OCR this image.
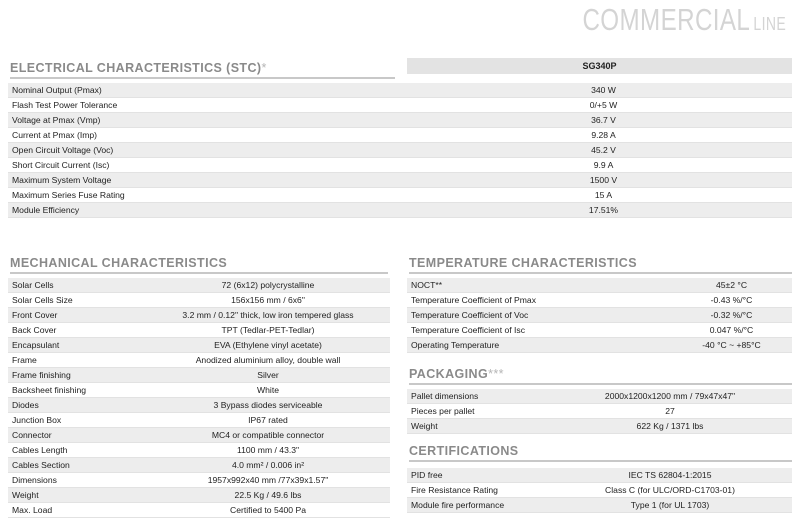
COMMERCIAL LINE
ELECTRICAL CHARACTERISTICS (STC)*	SG340P
Nominal Output (Pmax)	340 W
Flash Test Power Tolerance	0/+5 W
Voltage at Pmax (Vmp)	36.7 V
Current at Pmax (Imp)	9.28 A
Open Circuit Voltage (Voc)	45.2 V
Short Circuit Current (Isc)	9.9 A
Maximum System Voltage	1500 V
Maximum Series Fuse Rating	15 A
Module Efficiency	17.51%
MECHANICAL CHARACTERISTICS
Solar Cells	72 (6x12) polycrystalline
Solar Cells Size	156x156 mm / 6x6"
Front Cover	3.2 mm / 0.12" thick, low iron tempered glass
Back Cover	TPT (Tedlar-PET-Tedlar)
Encapsulant	EVA (Ethylene vinyl acetate)
Frame	Anodized aluminium alloy, double wall
Frame finishing	Silver
Backsheet finishing	White
Diodes	3 Bypass diodes serviceable
Junction Box	IP67 rated
Connector	MC4 or compatible connector
Cables Length	1100 mm / 43.3"
Cables Section	4.0 mm² / 0.006 in²
Dimensions	1957x992x40 mm /77x39x1.57"
Weight	22.5 Kg / 49.6 lbs
Max. Load	Certified to 5400 Pa
TEMPERATURE CHARACTERISTICS
NOCT**	45±2 °C
Temperature Coefficient of Pmax	-0.43 %/°C
Temperature Coefficient of Voc	-0.32 %/°C
Temperature Coefficient of Isc	0.047 %/°C
Operating Temperature	-40 °C ~ +85°C
PACKAGING***
Pallet dimensions	2000x1200x1200 mm / 79x47x47"
Pieces per pallet	27
Weight	622 Kg / 1371 lbs
CERTIFICATIONS
PID free	IEC TS 62804-1:2015
Fire Resistance Rating	Class C (for ULC/ORD-C1703-01)
Module fire performance	Type 1 (for UL 1703)
